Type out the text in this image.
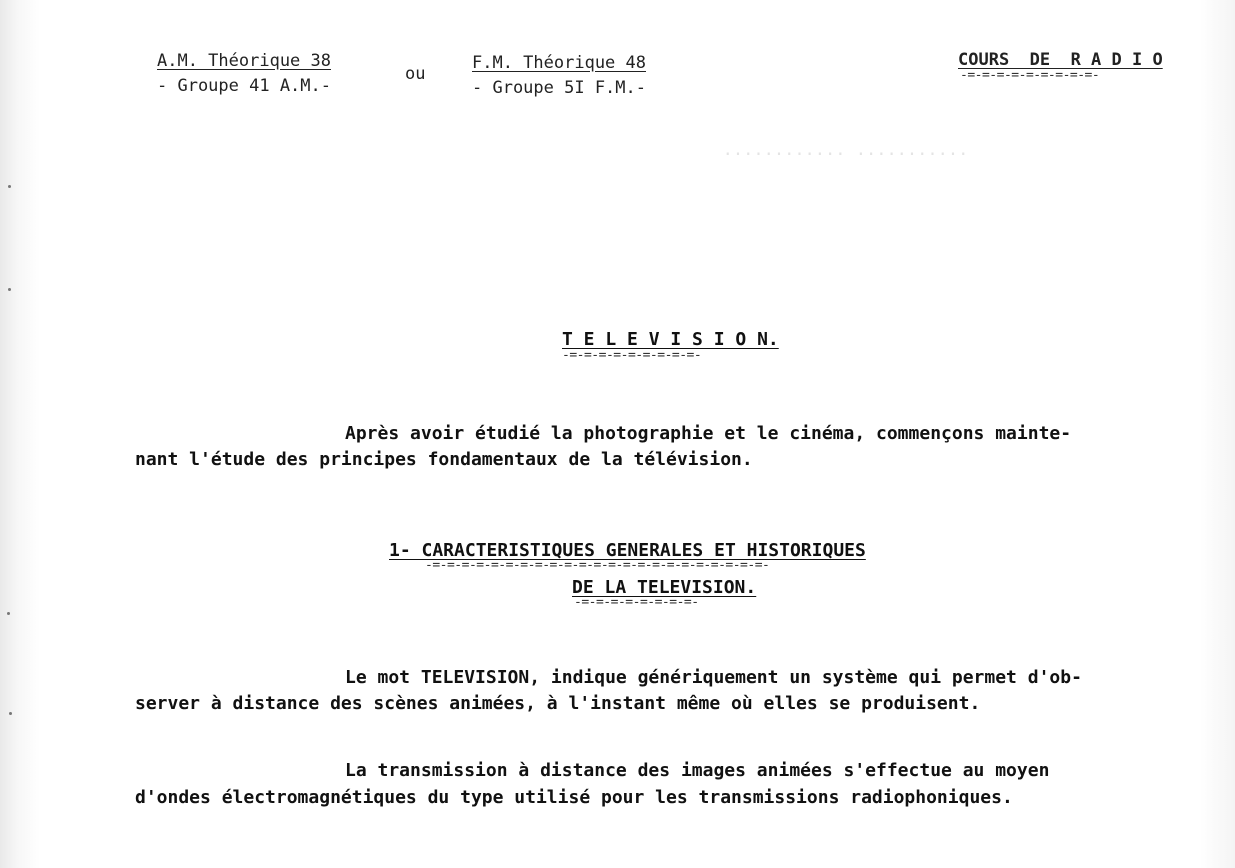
............ ...........
A.M. Théorique 38
- Groupe 41 A.M.-
ou
F.M. Théorique 48
- Groupe 5I F.M.-
COURS  DE  R A D I O
-=-=-=-=-=-=-=-=-=-
T E L E V I S I O N.
-=-=-=-=-=-=-=-=-=-
Après avoir étudié la photographie et le cinéma, commençons mainte-
nant l'étude des principes fondamentaux de la télévision.
1- CARACTERISTIQUES GENERALES ET HISTORIQUES
-=-=-=-=-=-=-=-=-=-=-=-=-=-=-=-=-=-=-=-=-=-=-=-
DE LA TELEVISION.
-=-=-=-=-=-=-=-=-
Le mot TELEVISION, indique génériquement un système qui permet d'ob-
server à distance des scènes animées, à l'instant même où elles se produisent.
La transmission à distance des images animées s'effectue au moyen
d'ondes électromagnétiques du type utilisé pour les transmissions radiophoniques.
